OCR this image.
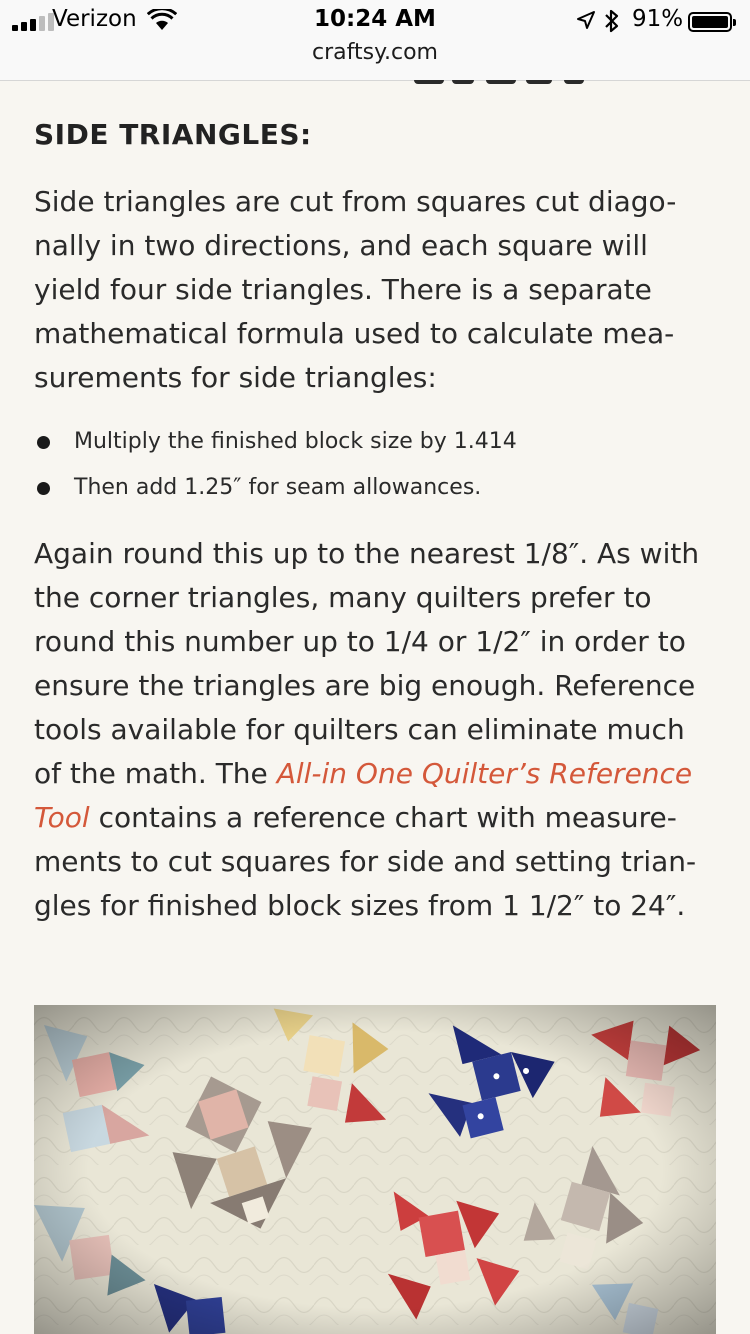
Verizon	10:24 AM	91%
craftsy.com
SIDE TRIANGLES:

Side triangles are cut from squares cut diago-
nally in two directions, and each square will
yield four side triangles. There is a separate
mathematical formula used to calculate mea-
surements for side triangles:

Multiply the finished block size by 1.414
Then add 1.25″ for seam allowances.

Again round this up to the nearest 1/8″. As with
the corner triangles, many quilters prefer to
round this number up to 1/4 or 1/2″ in order to
ensure the triangles are big enough. Reference
tools available for quilters can eliminate much
of the math. The All-in One Quilter’s Reference
Tool contains a reference chart with measure-
ments to cut squares for side and setting trian-
gles for finished block sizes from 1 1/2″ to 24″.
